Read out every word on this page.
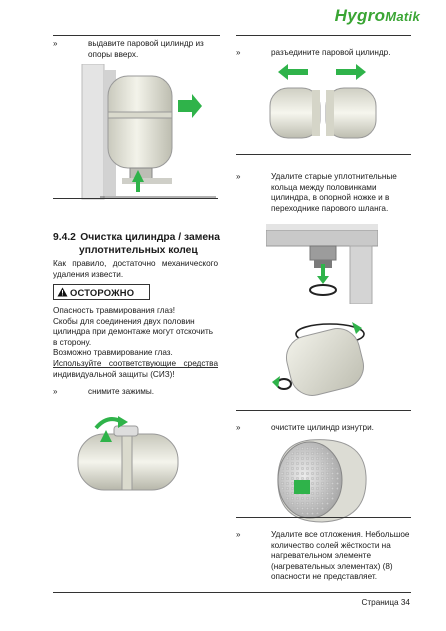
HygroMatik
»	выдавите паровой цилиндр из опоры вверх.
9.4.2 Очистка цилиндра / замена
уплотнительных колец
Как правило, достаточно механического удаления извести.
ОСТОРОЖНО
Опасность травмирования глаз!
Скобы для соединения двух половин цилиндра при демонтаже могут отскочить в сторону.
Возможно травмирование глаз.
Используйте соответствующие средства индивидуальной защиты (СИЗ)!
»	снимите зажимы.
»	разъедините паровой цилиндр.
»	Удалите старые уплотнительные кольца между половинками цилиндра, в опорной ножке и в переходнике парового шланга.
»	очистите цилиндр изнутри.
»	Удалите все отложения. Небольшое количество солей жёсткости на нагревательном элементе (нагревательных элементах) (8) опасности не представляет.
Страница 34
